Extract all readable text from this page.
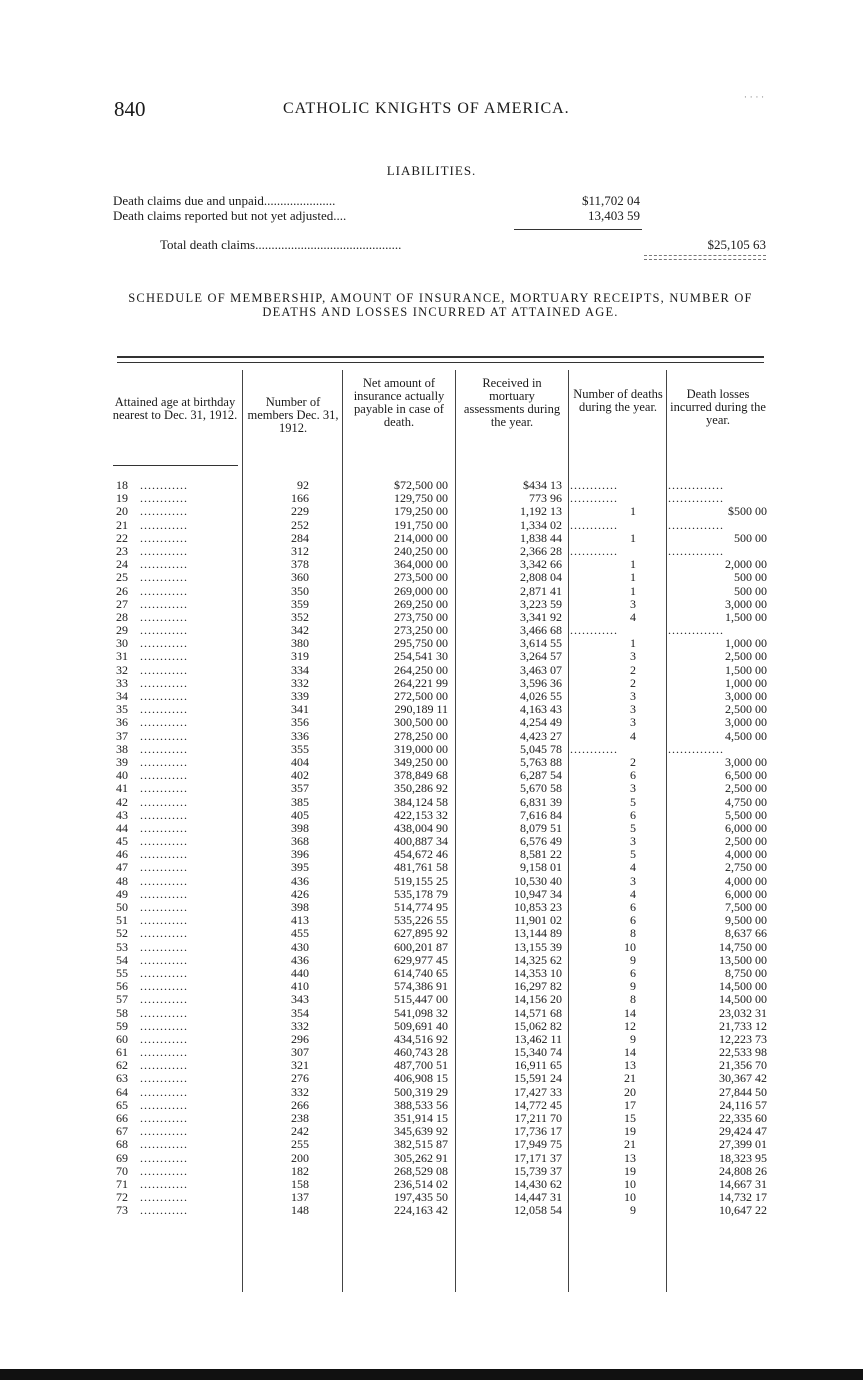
840	CATHOLIC KNIGHTS OF AMERICA.
· · · ·
LIABILITIES.
Death claims due and unpaid......................	$11,702 04
Death claims reported but not yet adjusted....	13,403 59
Total death claims.............................................	$25,105 63
SCHEDULE OF MEMBERSHIP, AMOUNT OF INSURANCE, MORTUARY RECEIPTS, NUMBER OF DEATHS AND LOSSES INCURRED AT ATTAINED AGE.
Attained age at birthday nearest to Dec. 31, 1912.
Number of members Dec. 31, 1912.
Net amount of insurance actually payable in case of death.
Received in mortuary assessments during the year.
Number of deaths during the year.
Death losses incurred during the year.
18 ............	92	$72,500 00	$434 13 ............	..............
19 ............	166	129,750 00	773 96 ............	..............
20 ............	229	179,250 00	1,192 13	1	$500 00
21 ............	252	191,750 00	1,334 02 ............	..............
22 ............	284	214,000 00	1,838 44	1	500 00
23 ............	312	240,250 00	2,366 28 ............	..............
24 ............	378	364,000 00	3,342 66	1	2,000 00
25 ............	360	273,500 00	2,808 04	1	500 00
26 ............	350	269,000 00	2,871 41	1	500 00
27 ............	359	269,250 00	3,223 59	3	3,000 00
28 ............	352	273,750 00	3,341 92	4	1,500 00
29 ............	342	273,250 00	3,466 68 ............	..............
30 ............	380	295,750 00	3,614 55	1	1,000 00
31 ............	319	254,541 30	3,264 57	3	2,500 00
32 ............	334	264,250 00	3,463 07	2	1,500 00
33 ............	332	264,221 99	3,596 36	2	1,000 00
34 ............	339	272,500 00	4,026 55	3	3,000 00
35 ............	341	290,189 11	4,163 43	3	2,500 00
36 ............	356	300,500 00	4,254 49	3	3,000 00
37 ............	336	278,250 00	4,423 27	4	4,500 00
38 ............	355	319,000 00	5,045 78 ............	..............
39 ............	404	349,250 00	5,763 88	2	3,000 00
40 ............	402	378,849 68	6,287 54	6	6,500 00
41 ............	357	350,286 92	5,670 58	3	2,500 00
42 ............	385	384,124 58	6,831 39	5	4,750 00
43 ............	405	422,153 32	7,616 84	6	5,500 00
44 ............	398	438,004 90	8,079 51	5	6,000 00
45 ............	368	400,887 34	6,576 49	3	2,500 00
46 ............	396	454,672 46	8,581 22	5	4,000 00
47 ............	395	481,761 58	9,158 01	4	2,750 00
48 ............	436	519,155 25	10,530 40	3	4,000 00
49 ............	426	535,178 79	10,947 34	4	6,000 00
50 ............	398	514,774 95	10,853 23	6	7,500 00
51 ............	413	535,226 55	11,901 02	6	9,500 00
52 ............	455	627,895 92	13,144 89	8	8,637 66
53 ............	430	600,201 87	13,155 39	10	14,750 00
54 ............	436	629,977 45	14,325 62	9	13,500 00
55 ............	440	614,740 65	14,353 10	6	8,750 00
56 ............	410	574,386 91	16,297 82	9	14,500 00
57 ............	343	515,447 00	14,156 20	8	14,500 00
58 ............	354	541,098 32	14,571 68	14	23,032 31
59 ............	332	509,691 40	15,062 82	12	21,733 12
60 ............	296	434,516 92	13,462 11	9	12,223 73
61 ............	307	460,743 28	15,340 74	14	22,533 98
62 ............	321	487,700 51	16,911 65	13	21,356 70
63 ............	276	406,908 15	15,591 24	21	30,367 42
64 ............	332	500,319 29	17,427 33	20	27,844 50
65 ............	266	388,533 56	14,772 45	17	24,116 57
66 ............	238	351,914 15	17,211 70	15	22,335 60
67 ............	242	345,639 92	17,736 17	19	29,424 47
68 ............	255	382,515 87	17,949 75	21	27,399 01
69 ............	200	305,262 91	17,171 37	13	18,323 95
70 ............	182	268,529 08	15,739 37	19	24,808 26
71 ............	158	236,514 02	14,430 62	10	14,667 31
72 ............	137	197,435 50	14,447 31	10	14,732 17
73 ............	148	224,163 42	12,058 54	9	10,647 22
